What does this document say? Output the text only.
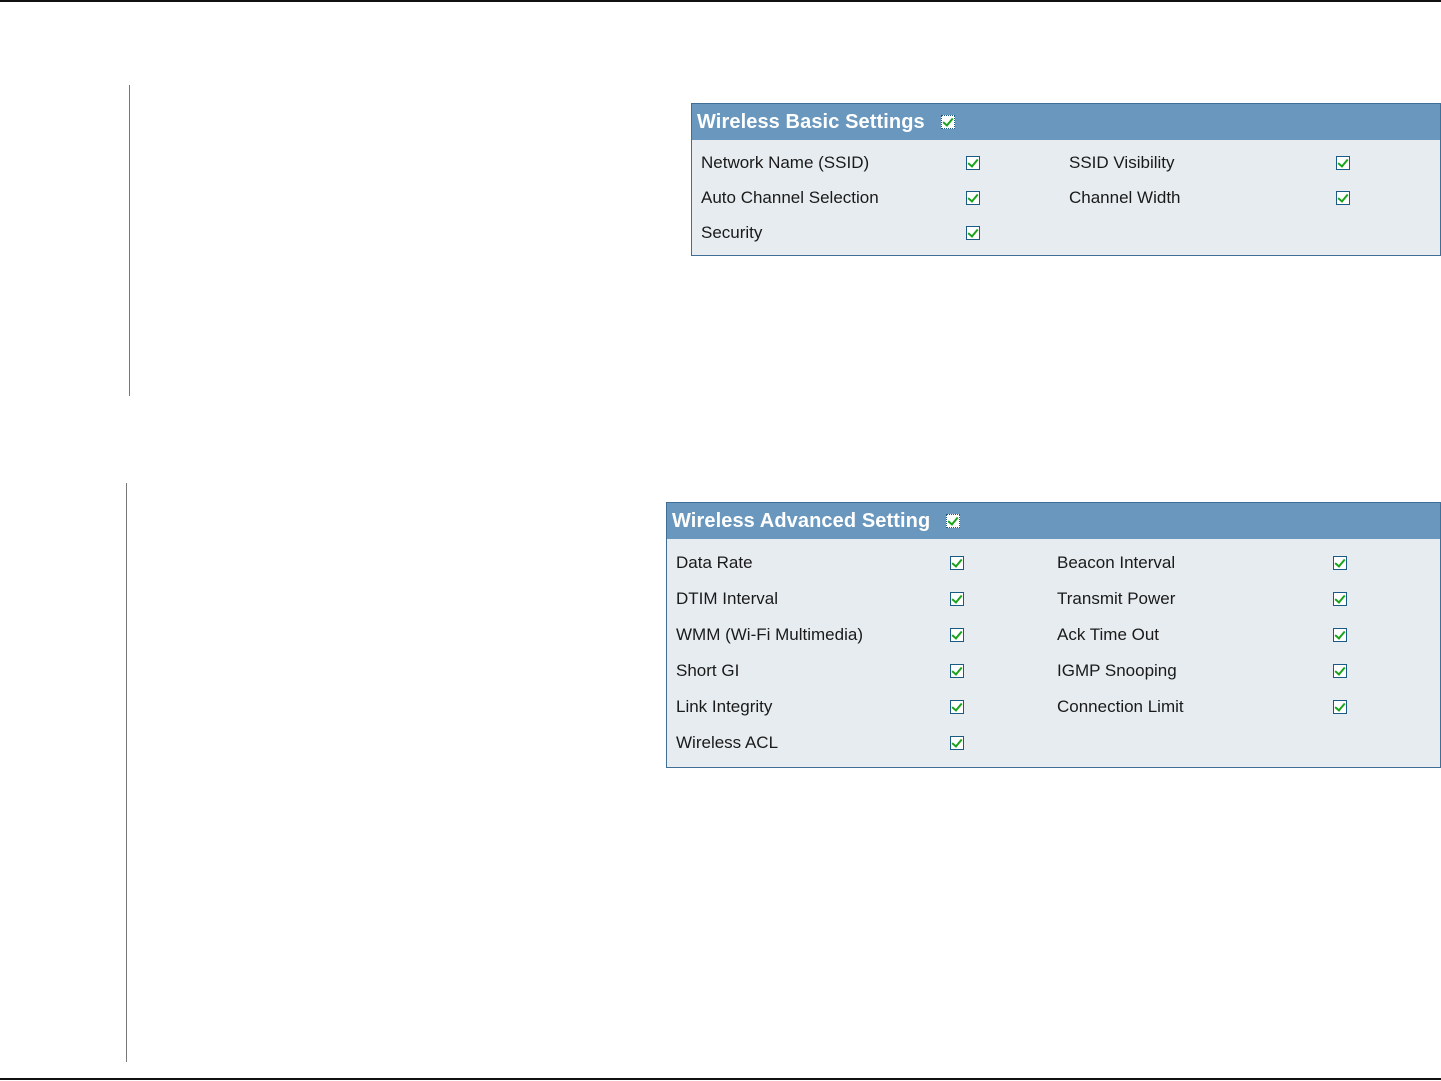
Wireless Basic Settings
Network Name (SSID)	SSID Visibility
Auto Channel Selection	Channel Width
Security
Wireless Advanced Setting
Data Rate	Beacon Interval
DTIM Interval	Transmit Power
WMM (Wi-Fi Multimedia)	Ack Time Out
Short GI	IGMP Snooping
Link Integrity	Connection Limit
Wireless ACL
